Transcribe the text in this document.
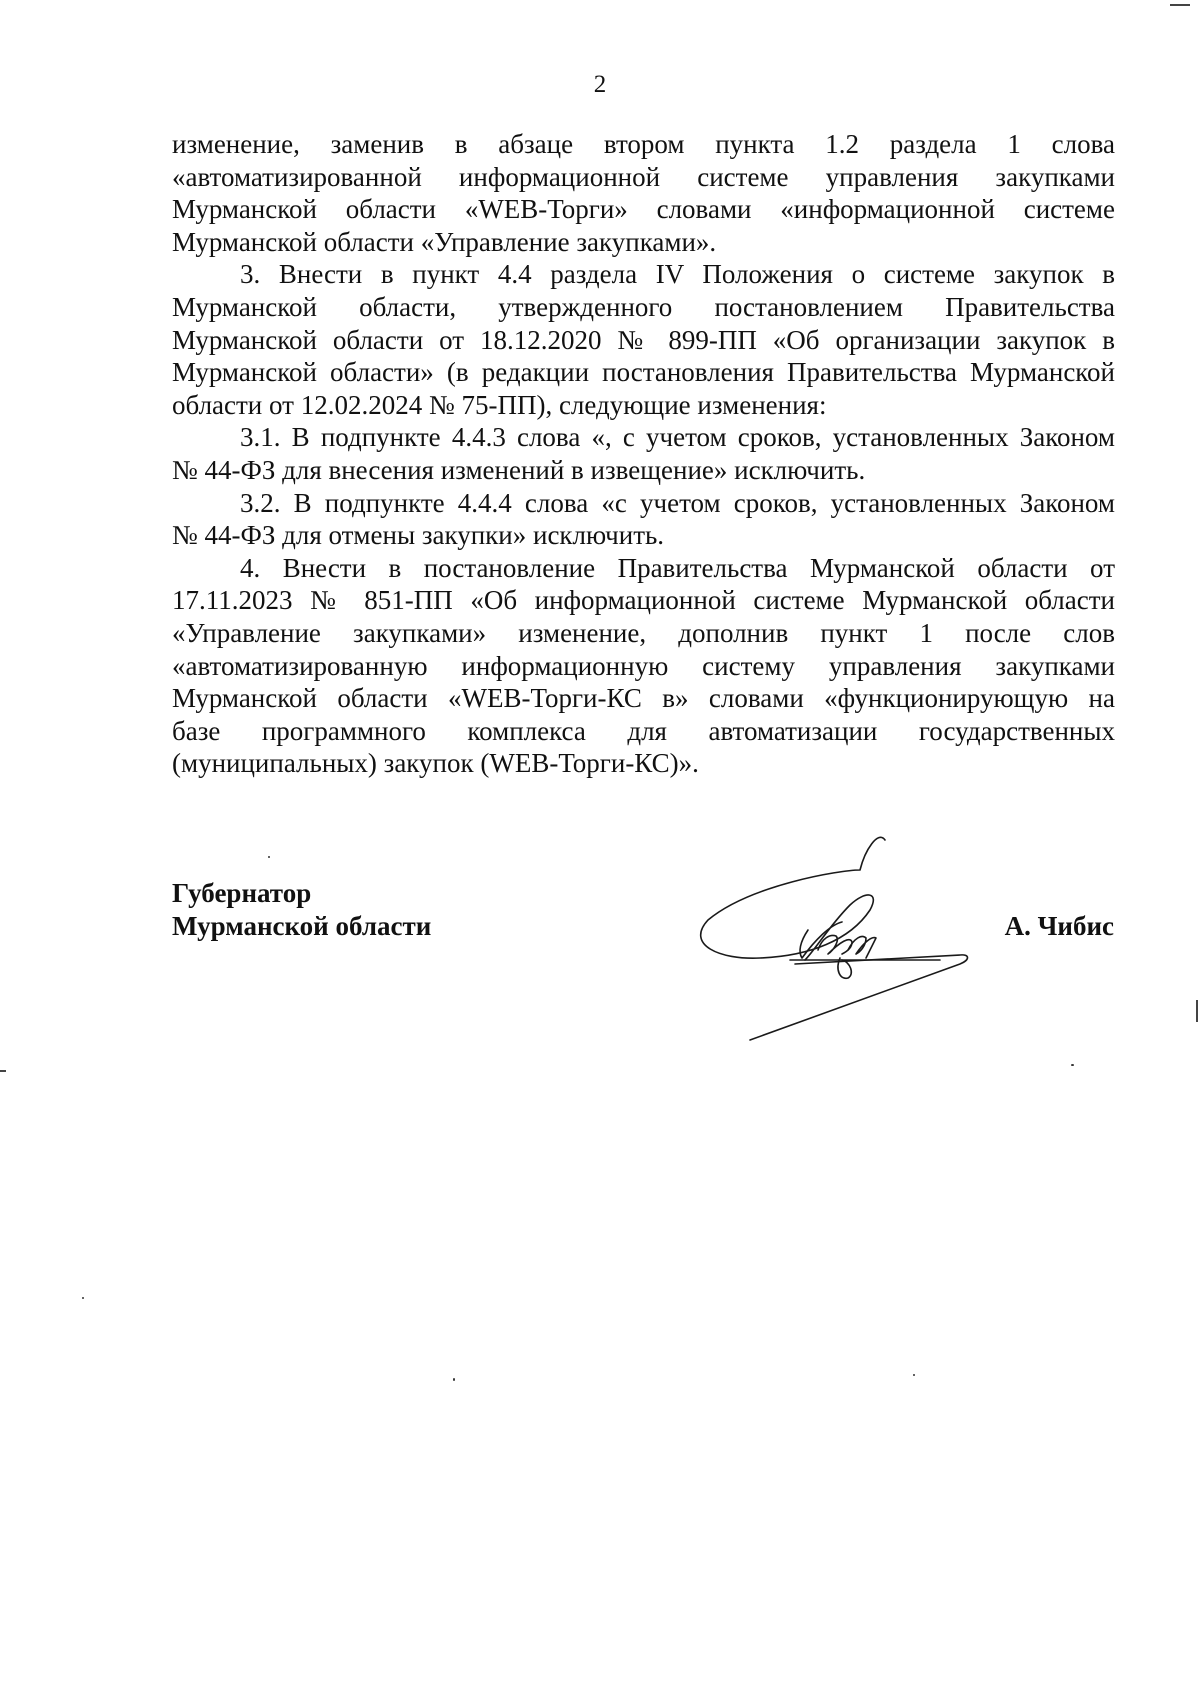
2

изменение, заменив в абзаце втором пункта 1.2 раздела 1 слова
«автоматизированной информационной системе управления закупками
Мурманской области «WEB-Торги» словами «информационной системе
Мурманской области «Управление закупками».

3. Внести в пункт 4.4 раздела IV Положения о системе закупок в
Мурманской области, утвержденного постановлением Правительства
Мурманской области от 18.12.2020 № 899-ПП «Об организации закупок в
Мурманской области» (в редакции постановления Правительства Мурманской
области от 12.02.2024 № 75-ПП), следующие изменения:

3.1. В подпункте 4.4.3 слова «, с учетом сроков, установленных Законом
№ 44-ФЗ для внесения изменений в извещение» исключить.

3.2. В подпункте 4.4.4 слова «с учетом сроков, установленных Законом
№ 44-ФЗ для отмены закупки» исключить.

4. Внести в постановление Правительства Мурманской области от
17.11.2023 № 851-ПП «Об информационной системе Мурманской области
«Управление закупками» изменение, дополнив пункт 1 после слов
«автоматизированную информационную систему управления закупками
Мурманской области «WEB-Торги-КС в» словами «функционирующую на
базе программного комплекса для автоматизации государственных
(муниципальных) закупок (WEB-Торги-КС)».

Губернатор
Мурманской области	А. Чибис
